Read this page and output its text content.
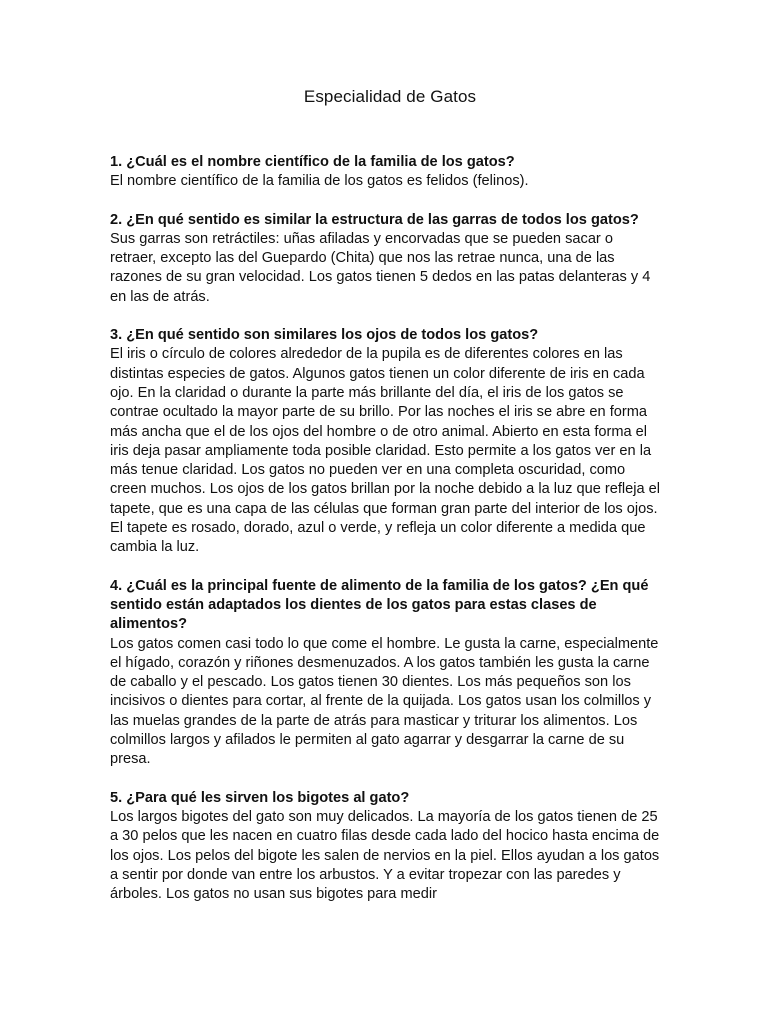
Especialidad de Gatos

1. ¿Cuál es el nombre científico de la familia de los gatos?

El nombre científico de la familia de los gatos es felidos (felinos).

2. ¿En qué sentido es similar la estructura de las garras de todos los gatos?

Sus garras son retráctiles: uñas afiladas y encorvadas que se pueden sacar o retraer, excepto las del Guepardo (Chita) que nos las retrae nunca, una de las razones de su gran velocidad. Los gatos tienen 5 dedos en las patas delanteras y 4 en las de atrás.

3. ¿En qué sentido son similares los ojos de todos los gatos?

El iris o círculo de colores alrededor de la pupila es de diferentes colores en las distintas especies de gatos. Algunos gatos tienen un color diferente de iris en cada ojo. En la claridad o durante la parte más brillante del día, el iris de los gatos se contrae ocultado la mayor parte de su brillo. Por las noches el iris se abre en forma más ancha que el de los ojos del hombre o de otro animal. Abierto en esta forma el iris deja pasar ampliamente toda posible claridad. Esto permite a los gatos ver en la más tenue claridad. Los gatos no pueden ver en una completa oscuridad, como creen muchos. Los ojos de los gatos brillan por la noche debido a la luz que refleja el tapete, que es una capa de las células que forman gran parte del interior de los ojos. El tapete es rosado, dorado, azul o verde, y refleja un color diferente a medida que cambia la luz.

4. ¿Cuál es la principal fuente de alimento de la familia de los gatos? ¿En qué sentido están adaptados los dientes de los gatos para estas clases de alimentos?

Los gatos comen casi todo lo que come el hombre. Le gusta la carne, especialmente el hígado, corazón y riñones desmenuzados. A los gatos también les gusta la carne de caballo y el pescado. Los gatos tienen 30 dientes. Los más pequeños son los incisivos o dientes para cortar, al frente de la quijada. Los gatos usan los colmillos y las muelas grandes de la parte de atrás para masticar y triturar los alimentos. Los colmillos largos y afilados le permiten al gato agarrar y desgarrar la carne de su presa.

5. ¿Para qué les sirven los bigotes al gato?

Los largos bigotes del gato son muy delicados. La mayoría de los gatos tienen de 25 a 30 pelos que les nacen en cuatro filas desde cada lado del hocico hasta encima de los ojos. Los pelos del bigote les salen de nervios en la piel. Ellos ayudan a los gatos a sentir por donde van entre los arbustos. Y a evitar tropezar con las paredes y árboles. Los gatos no usan sus bigotes para medir
